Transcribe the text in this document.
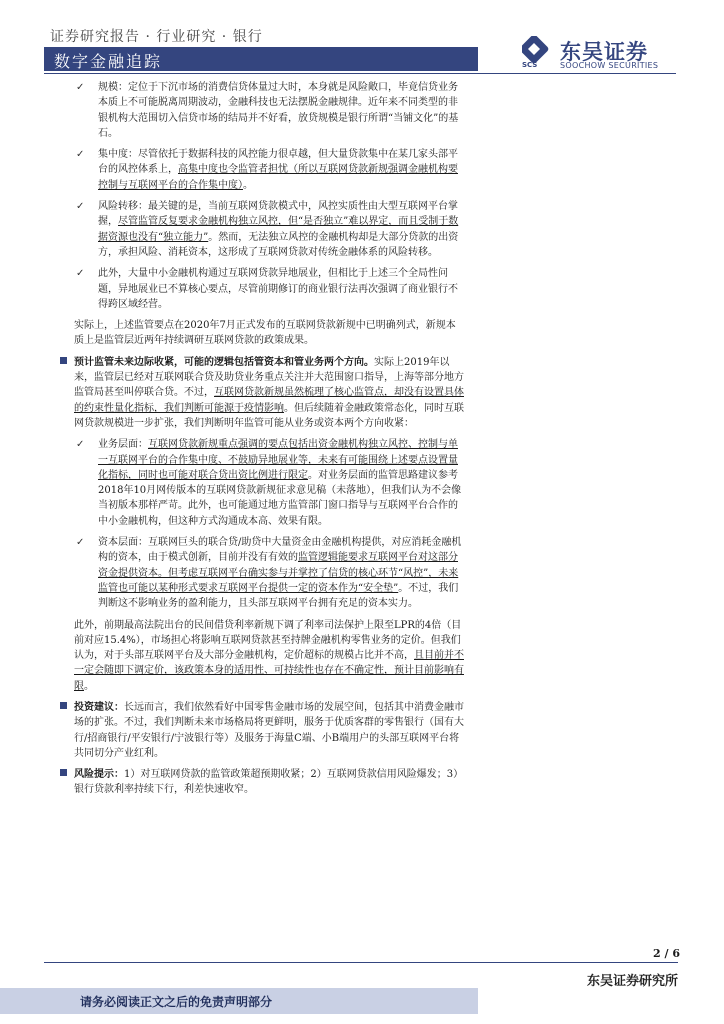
证券研究报告 · 行业研究 · 银行
数字金融追踪	SCS
东吴证券
SOOCHOW SECURITIES
✓ 规模：定位于下沉市场的消费信贷体量过大时，本身就是风险敞口，毕竟信贷业务本质上不可能脱离周期波动，金融科技也无法摆脱金融规律。近年来不同类型的非银机构大范围切入信贷市场的结局并不好看，放贷规模是银行所谓“当铺文化”的基石。
✓ 集中度：尽管依托于数据科技的风控能力很卓越，但大量贷款集中在某几家头部平台的风控体系上，高集中度也令监管者担忧（所以互联网贷款新规强调金融机构要控制与互联网平台的合作集中度）。
✓ 风险转移：最关键的是，当前互联网贷款模式中，风控实质性由大型互联网平台掌握，尽管监管反复要求金融机构独立风控，但“是否独立”难以界定，而且受制于数据资源也没有“独立能力”。然而，无法独立风控的金融机构却是大部分贷款的出资方，承担风险、消耗资本，这形成了互联网贷款对传统金融体系的风险转移。
✓ 此外，大量中小金融机构通过互联网贷款异地展业，但相比于上述三个全局性问题，异地展业已不算核心要点，尽管前期修订的商业银行法再次强调了商业银行不得跨区域经营。

实际上，上述监管要点在2020年7月正式发布的互联网贷款新规中已明确列式，新规本质上是监管层近两年持续调研互联网贷款的政策成果。

预计监管未来边际收紧，可能的逻辑包括管资本和管业务两个方向。实际上2019年以来，监管层已经对互联网联合贷及助贷业务重点关注并大范围窗口指导，上海等部分地方监管局甚至叫停联合贷。不过，互联网贷款新规虽然梳理了核心监管点，却没有设置具体的约束性量化指标，我们判断可能源于疫情影响。但后续随着金融政策常态化，同时互联网贷款规模进一步扩张，我们判断明年监管可能从业务或资本两个方向收紧：

✓ 业务层面：互联网贷款新规重点强调的要点包括出资金融机构独立风控、控制与单一互联网平台的合作集中度、不鼓励异地展业等，未来有可能围绕上述要点设置量化指标，同时也可能对联合贷出资比例进行限定。对业务层面的监管思路建议参考2018年10月网传版本的互联网贷款新规征求意见稿（未落地），但我们认为不会像当初版本那样严苛。此外，也可能通过地方监管部门窗口指导与互联网平台合作的中小金融机构，但这种方式沟通成本高、效果有限。
✓ 资本层面：互联网巨头的联合贷/助贷中大量资金由金融机构提供，对应消耗金融机构的资本，由于模式创新，目前并没有有效的监管逻辑能要求互联网平台对这部分资金提供资本。但考虑互联网平台确实参与并掌控了信贷的核心环节“风控”，未来监管也可能以某种形式要求互联网平台提供一定的资本作为“安全垫”。不过，我们判断这不影响业务的盈利能力，且头部互联网平台拥有充足的资本实力。

此外，前期最高法院出台的民间借贷利率新规下调了利率司法保护上限至LPR的4倍（目前对应15.4%），市场担心将影响互联网贷款甚至持牌金融机构零售业务的定价。但我们认为，对于头部互联网平台及大部分金融机构，定价超标的规模占比并不高，且目前并不一定会随即下调定价，该政策本身的适用性、可持续性也存在不确定性，预计目前影响有限。

投资建议：长远而言，我们依然看好中国零售金融市场的发展空间，包括其中消费金融市场的扩张。不过，我们判断未来市场格局将更鲜明，服务于优质客群的零售银行（国有大行/招商银行/平安银行/宁波银行等）及服务于海量C端、小B端用户的头部互联网平台将共同切分产业红利。

风险提示：1）对互联网贷款的监管政策超预期收紧；2）互联网贷款信用风险爆发；3）银行贷款利率持续下行，利差快速收窄。

2 / 6
东吴证券研究所
请务必阅读正文之后的免责声明部分
